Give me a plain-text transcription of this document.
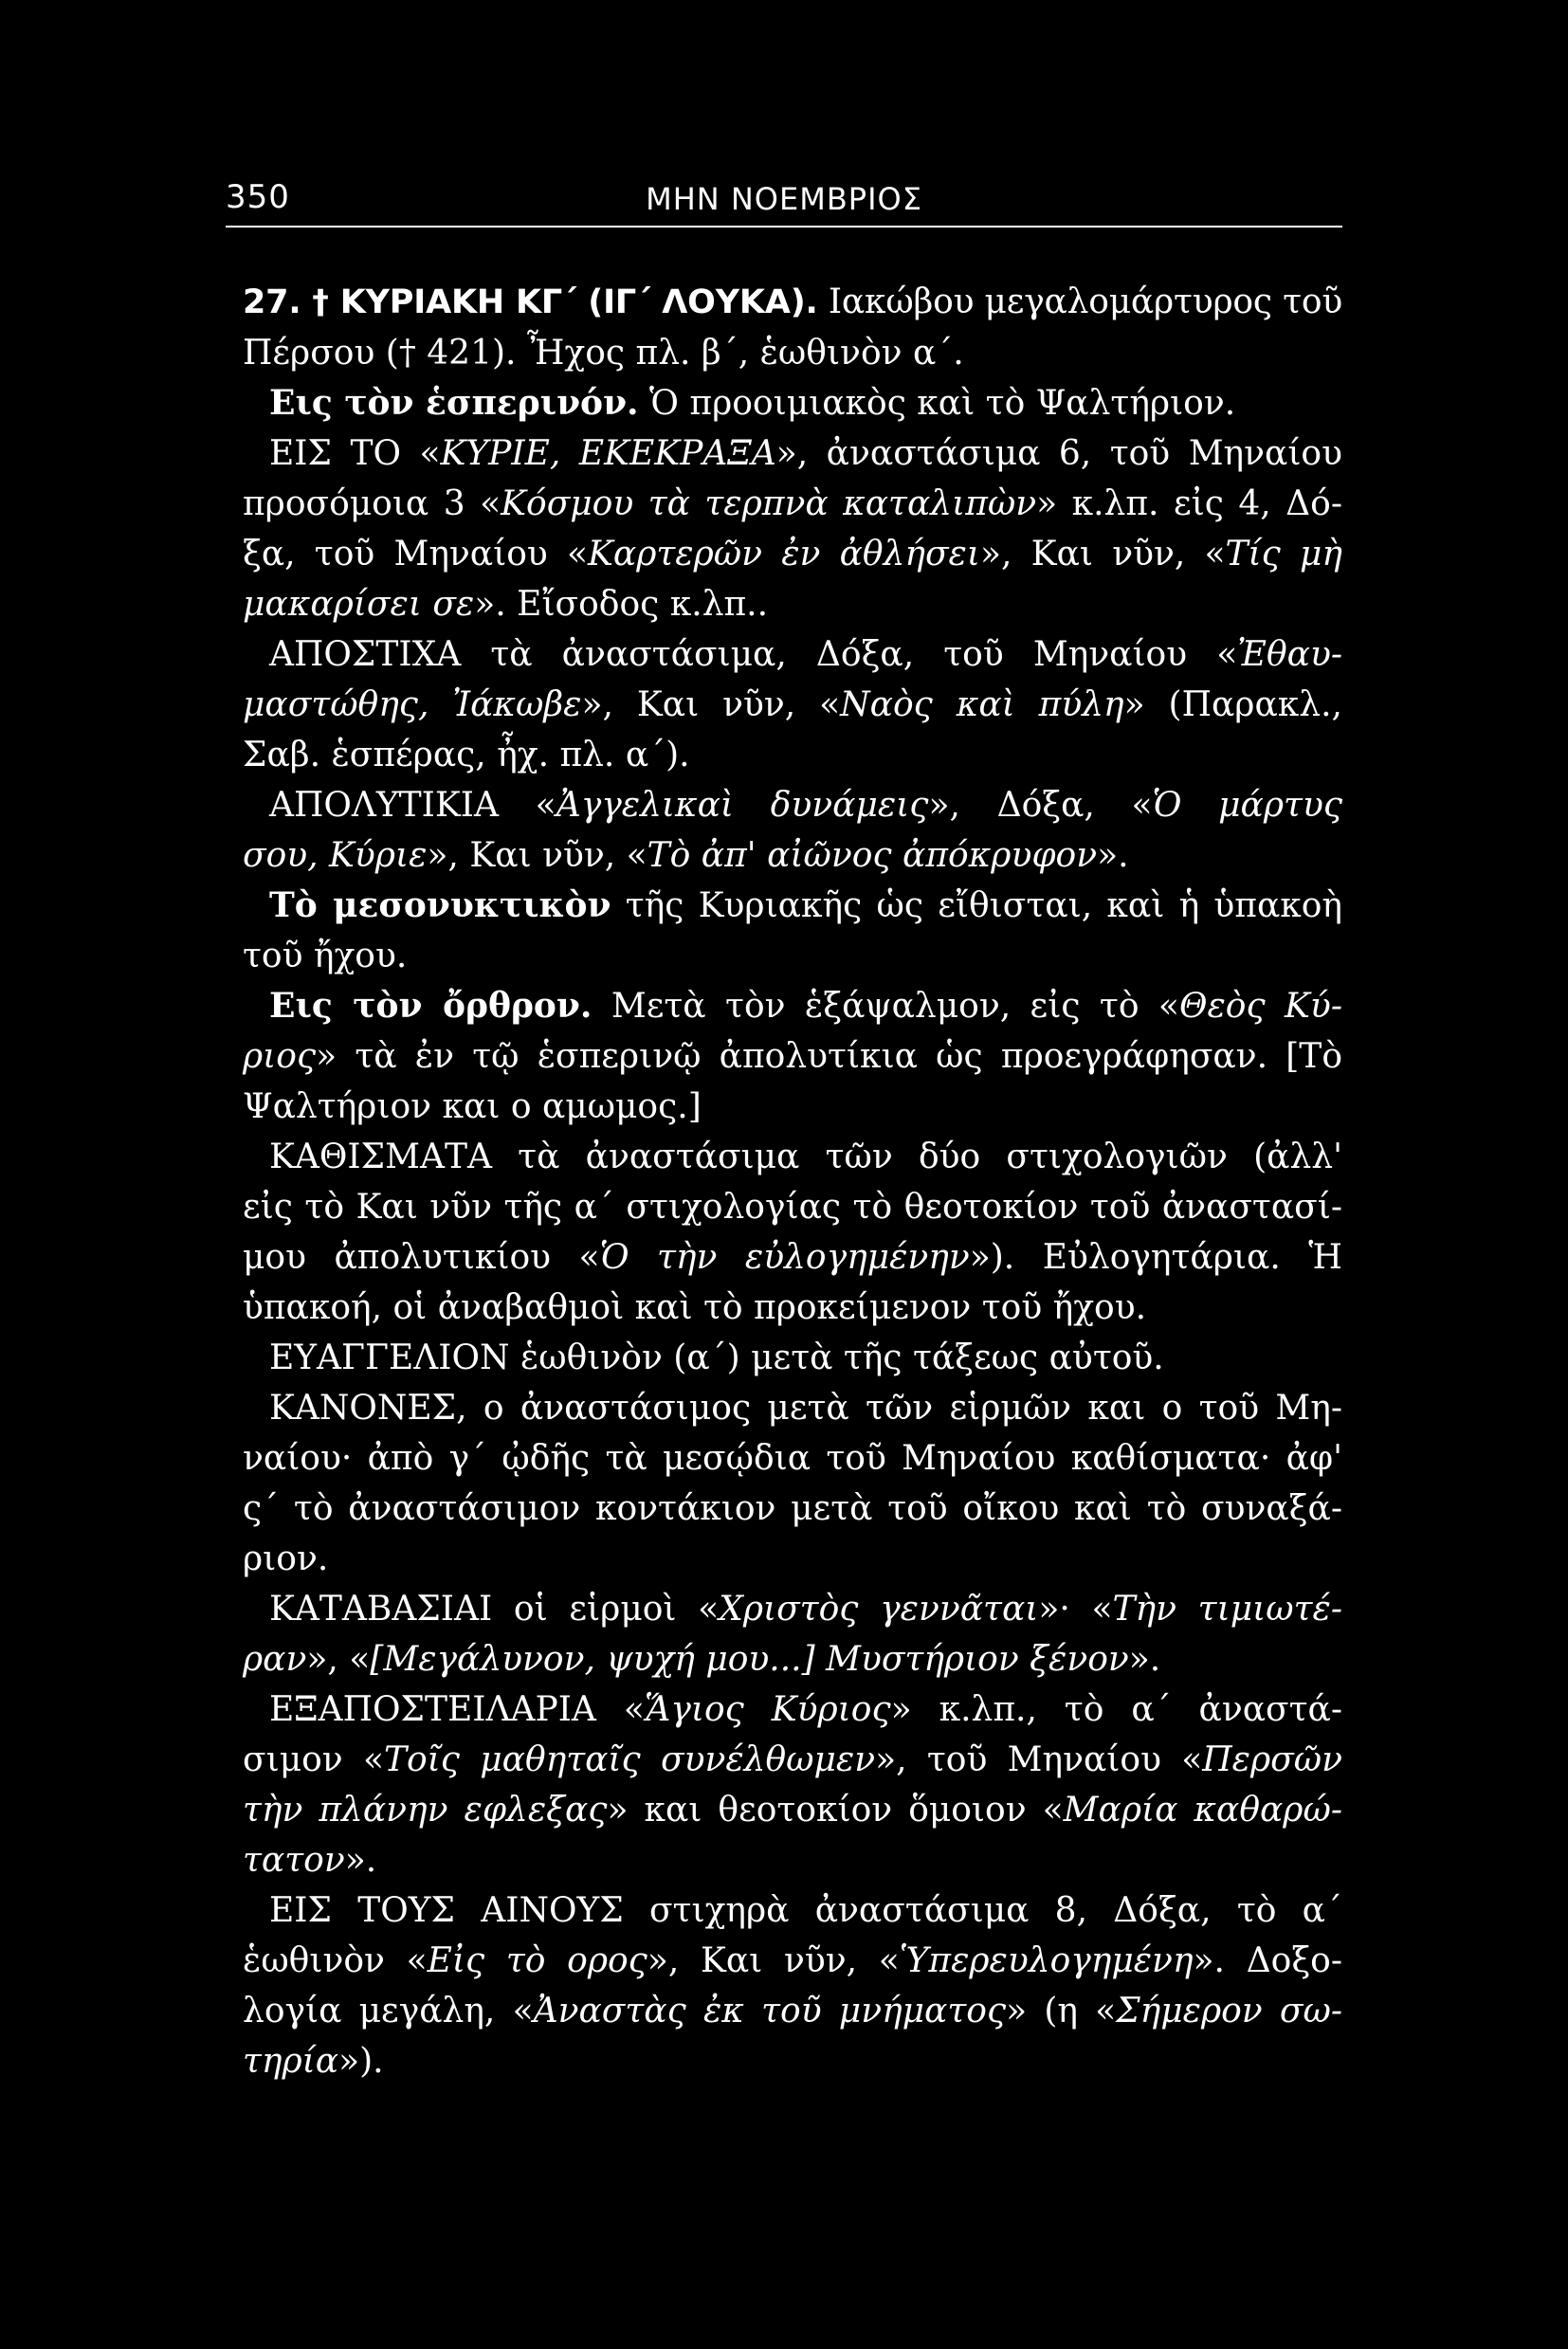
350	ΜΗΝ ΝΟΕΜΒΡΙΟΣ

27. † ΚΥΡΙΑΚΗ ΚΓ΄ (ΙΓ΄ ΛΟΥΚΑ). Ιακώβου μεγαλομάρτυρος τοῦ
Πέρσου († 421). Ἦχος πλ. β΄, ἑωθινὸν α΄.

Εις τὸν ἑσπερινόν. Ὁ προοιμιακὸς καὶ τὸ Ψαλτήριον.

ΕΙΣ ΤΟ «ΚΥΡΙΕ, ΕΚΕΚΡΑΞΑ», ἀναστάσιμα 6, τοῦ Μηναίου
προσόμοια 3 «Κόσμου τὰ τερπνὰ καταλιπὼν» κ.λπ. εἰς 4, Δό-
ξα, τοῦ Μηναίου «Καρτερῶν ἐν ἀθλήσει», Και νῦν, «Τίς μὴ
μακαρίσει σε». Εἴσοδος κ.λπ..

ΑΠΟΣΤΙΧΑ τὰ ἀναστάσιμα, Δόξα, τοῦ Μηναίου «Ἐθαυ-
μαστώθης, Ἰάκωβε», Και νῦν, «Ναὸς καὶ πύλη» (Παρακλ.,
Σαβ. ἑσπέρας, ἦχ. πλ. α΄).

ΑΠΟΛΥΤΙΚΙΑ «Ἀγγελικαὶ δυνάμεις», Δόξα, «Ὁ μάρτυς
σου, Κύριε», Και νῦν, «Τὸ ἀπ' αἰῶνος ἀπόκρυφον».

Τὸ μεσονυκτικὸν τῆς Κυριακῆς ὡς εἴθισται, καὶ ἡ ὑπακοὴ
τοῦ ἤχου.

Εις τὸν ὄρθρον. Μετὰ τὸν ἑξάψαλμον, εἰς τὸ «Θεὸς Κύ-
ριος» τὰ ἐν τῷ ἑσπερινῷ ἀπολυτίκια ὡς προεγράφησαν. [Τὸ
Ψαλτήριον και ο αμωμος.]

ΚΑΘΙΣΜΑΤΑ τὰ ἀναστάσιμα τῶν δύο στιχολογιῶν (ἀλλ'
εἰς τὸ Και νῦν τῆς α΄ στιχολογίας τὸ θεοτοκίον τοῦ ἀναστασί-
μου ἀπολυτικίου «Ὁ τὴν εὐλογημένην»). Εὐλογητάρια. Ἡ
ὑπακοή, οἱ ἀναβαθμοὶ καὶ τὸ προκείμενον τοῦ ἤχου.

ΕΥΑΓΓΕΛΙΟΝ ἑωθινὸν (α΄) μετὰ τῆς τάξεως αὐτοῦ.

ΚΑΝΟΝΕΣ, ο ἀναστάσιμος μετὰ τῶν εἱρμῶν και ο τοῦ Μη-
ναίου· ἀπὸ γ΄ ᾠδῆς τὰ μεσῴδια τοῦ Μηναίου καθίσματα· ἀφ'
ς΄ τὸ ἀναστάσιμον κοντάκιον μετὰ τοῦ οἴκου καὶ τὸ συναξά-
ριον.

ΚΑΤΑΒΑΣΙΑΙ οἱ εἱρμοὶ «Χριστὸς γεννᾶται»· «Τὴν τιμιωτέ-
ραν», «[Μεγάλυνον, ψυχή μου...] Μυστήριον ξένον».

ΕΞΑΠΟΣΤΕΙΛΑΡΙΑ «Ἅγιος Κύριος» κ.λπ., τὸ α΄ ἀναστά-
σιμον «Τοῖς μαθηταῖς συνέλθωμεν», τοῦ Μηναίου «Περσῶν
τὴν πλάνην εφλεξας» και θεοτοκίον ὅμοιον «Μαρία καθαρώ-
τατον».

ΕΙΣ ΤΟΥΣ ΑΙΝΟΥΣ στιχηρὰ ἀναστάσιμα 8, Δόξα, τὸ α΄
ἑωθινὸν «Εἰς τὸ ορος», Και νῦν, «Ὑπερευλογημένη». Δοξο-
λογία μεγάλη, «Ἀναστὰς ἐκ τοῦ μνήματος» (η «Σήμερον σω-
τηρία»).
